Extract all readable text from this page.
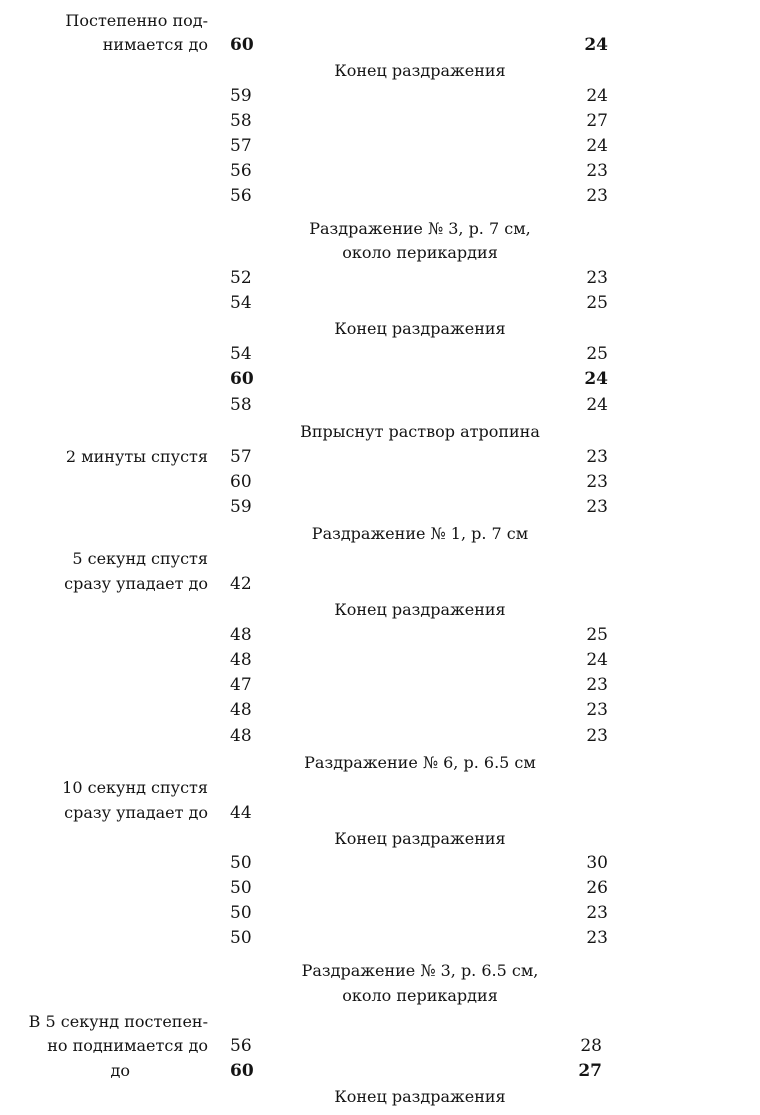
Постепенно под-
нимается до 60	24
Конец раздражения
59	24
58	27
57	24
56	23
56	23
Раздражение № 3, р. 7 см,
около перикардия
52	23
54	25
Конец раздражения
54	25
60	24
58	24
Впрыснут раствор атропина
2 минуты спустя 57	23
60	23
59	23
Раздражение № 1, р. 7 см
5 секунд спустя
сразу упадает до 42
Конец раздражения
48	25
48	24
47	23
48	23
48	23
Раздражение № 6, р. 6.5 см
10 секунд спустя
сразу упадает до 44
Конец раздражения
50	30
50	26
50	23
50	23
Раздражение № 3, р. 6.5 см,
около перикардия
В 5 секунд постепен-
но поднимается до 56	28
до	60	27
Конец раздражения
